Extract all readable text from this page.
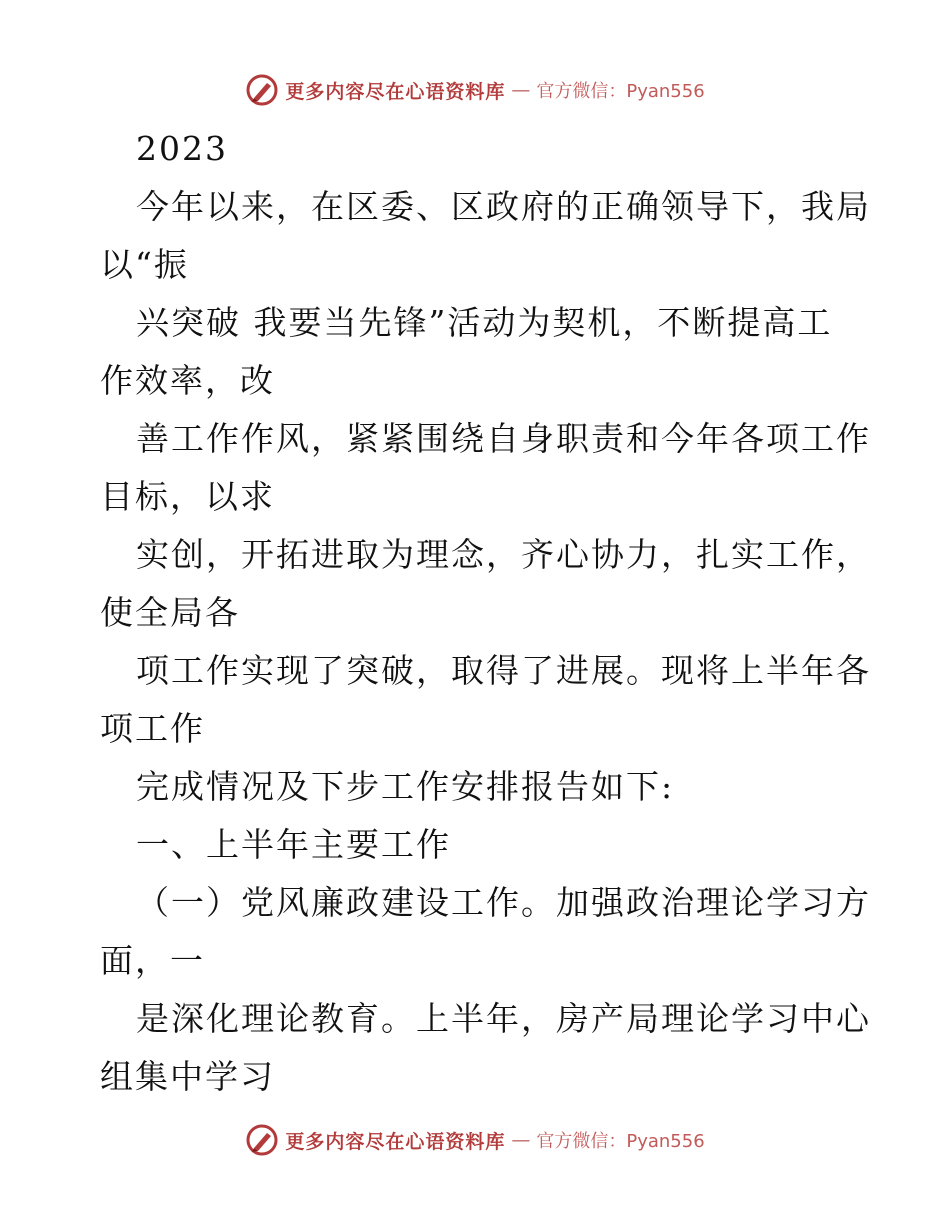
更多内容尽在心语资料库 — 官方微信：Pyan556
2023
今年以来，在区委、区政府的正确领导下，我局
以“振
兴突破 我要当先锋”活动为契机，不断提高工
作效率，改
善工作作风，紧紧围绕自身职责和今年各项工作
目标，以求
实创，开拓进取为理念，齐心协力，扎实工作，
使全局各
项工作实现了突破，取得了进展。现将上半年各
项工作
完成情况及下步工作安排报告如下:
一、上半年主要工作
（一）党风廉政建设工作。加强政治理论学习方
面，一
是深化理论教育。上半年，房产局理论学习中心
组集中学习
更多内容尽在心语资料库 — 官方微信：Pyan556
